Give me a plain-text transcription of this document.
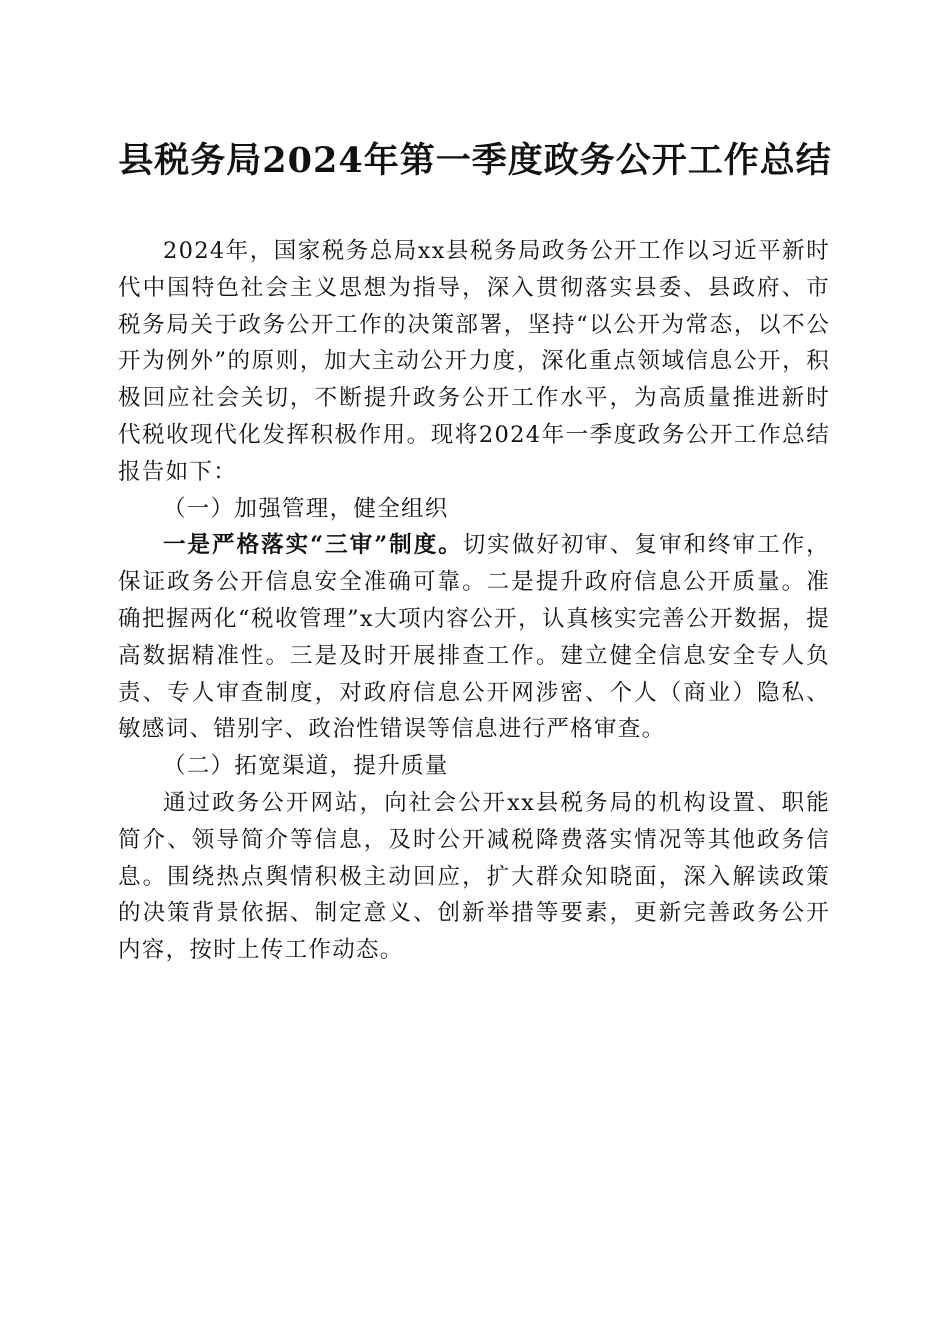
县税务局2024年第一季度政务公开工作总结

2024年，国家税务总局xx县税务局政务公开工作以习近平新时代中国特色社会主义思想为指导，深入贯彻落实县委、县政府、市税务局关于政务公开工作的决策部署，坚持“以公开为常态，以不公开为例外”的原则，加大主动公开力度，深化重点领域信息公开，积极回应社会关切，不断提升政务公开工作水平，为高质量推进新时代税收现代化发挥积极作用。现将2024年一季度政务公开工作总结报告如下：

（一）加强管理，健全组织

一是严格落实“三审”制度。切实做好初审、复审和终审工作，保证政务公开信息安全准确可靠。二是提升政府信息公开质量。准确把握两化“税收管理”x大项内容公开，认真核实完善公开数据，提高数据精准性。三是及时开展排查工作。建立健全信息安全专人负责、专人审查制度，对政府信息公开网涉密、个人（商业）隐私、敏感词、错别字、政治性错误等信息进行严格审查。

（二）拓宽渠道，提升质量

通过政务公开网站，向社会公开xx县税务局的机构设置、职能简介、领导简介等信息，及时公开减税降费落实情况等其他政务信息。围绕热点舆情积极主动回应，扩大群众知晓面，深入解读政策的决策背景依据、制定意义、创新举措等要素，更新完善政务公开内容，按时上传工作动态。
